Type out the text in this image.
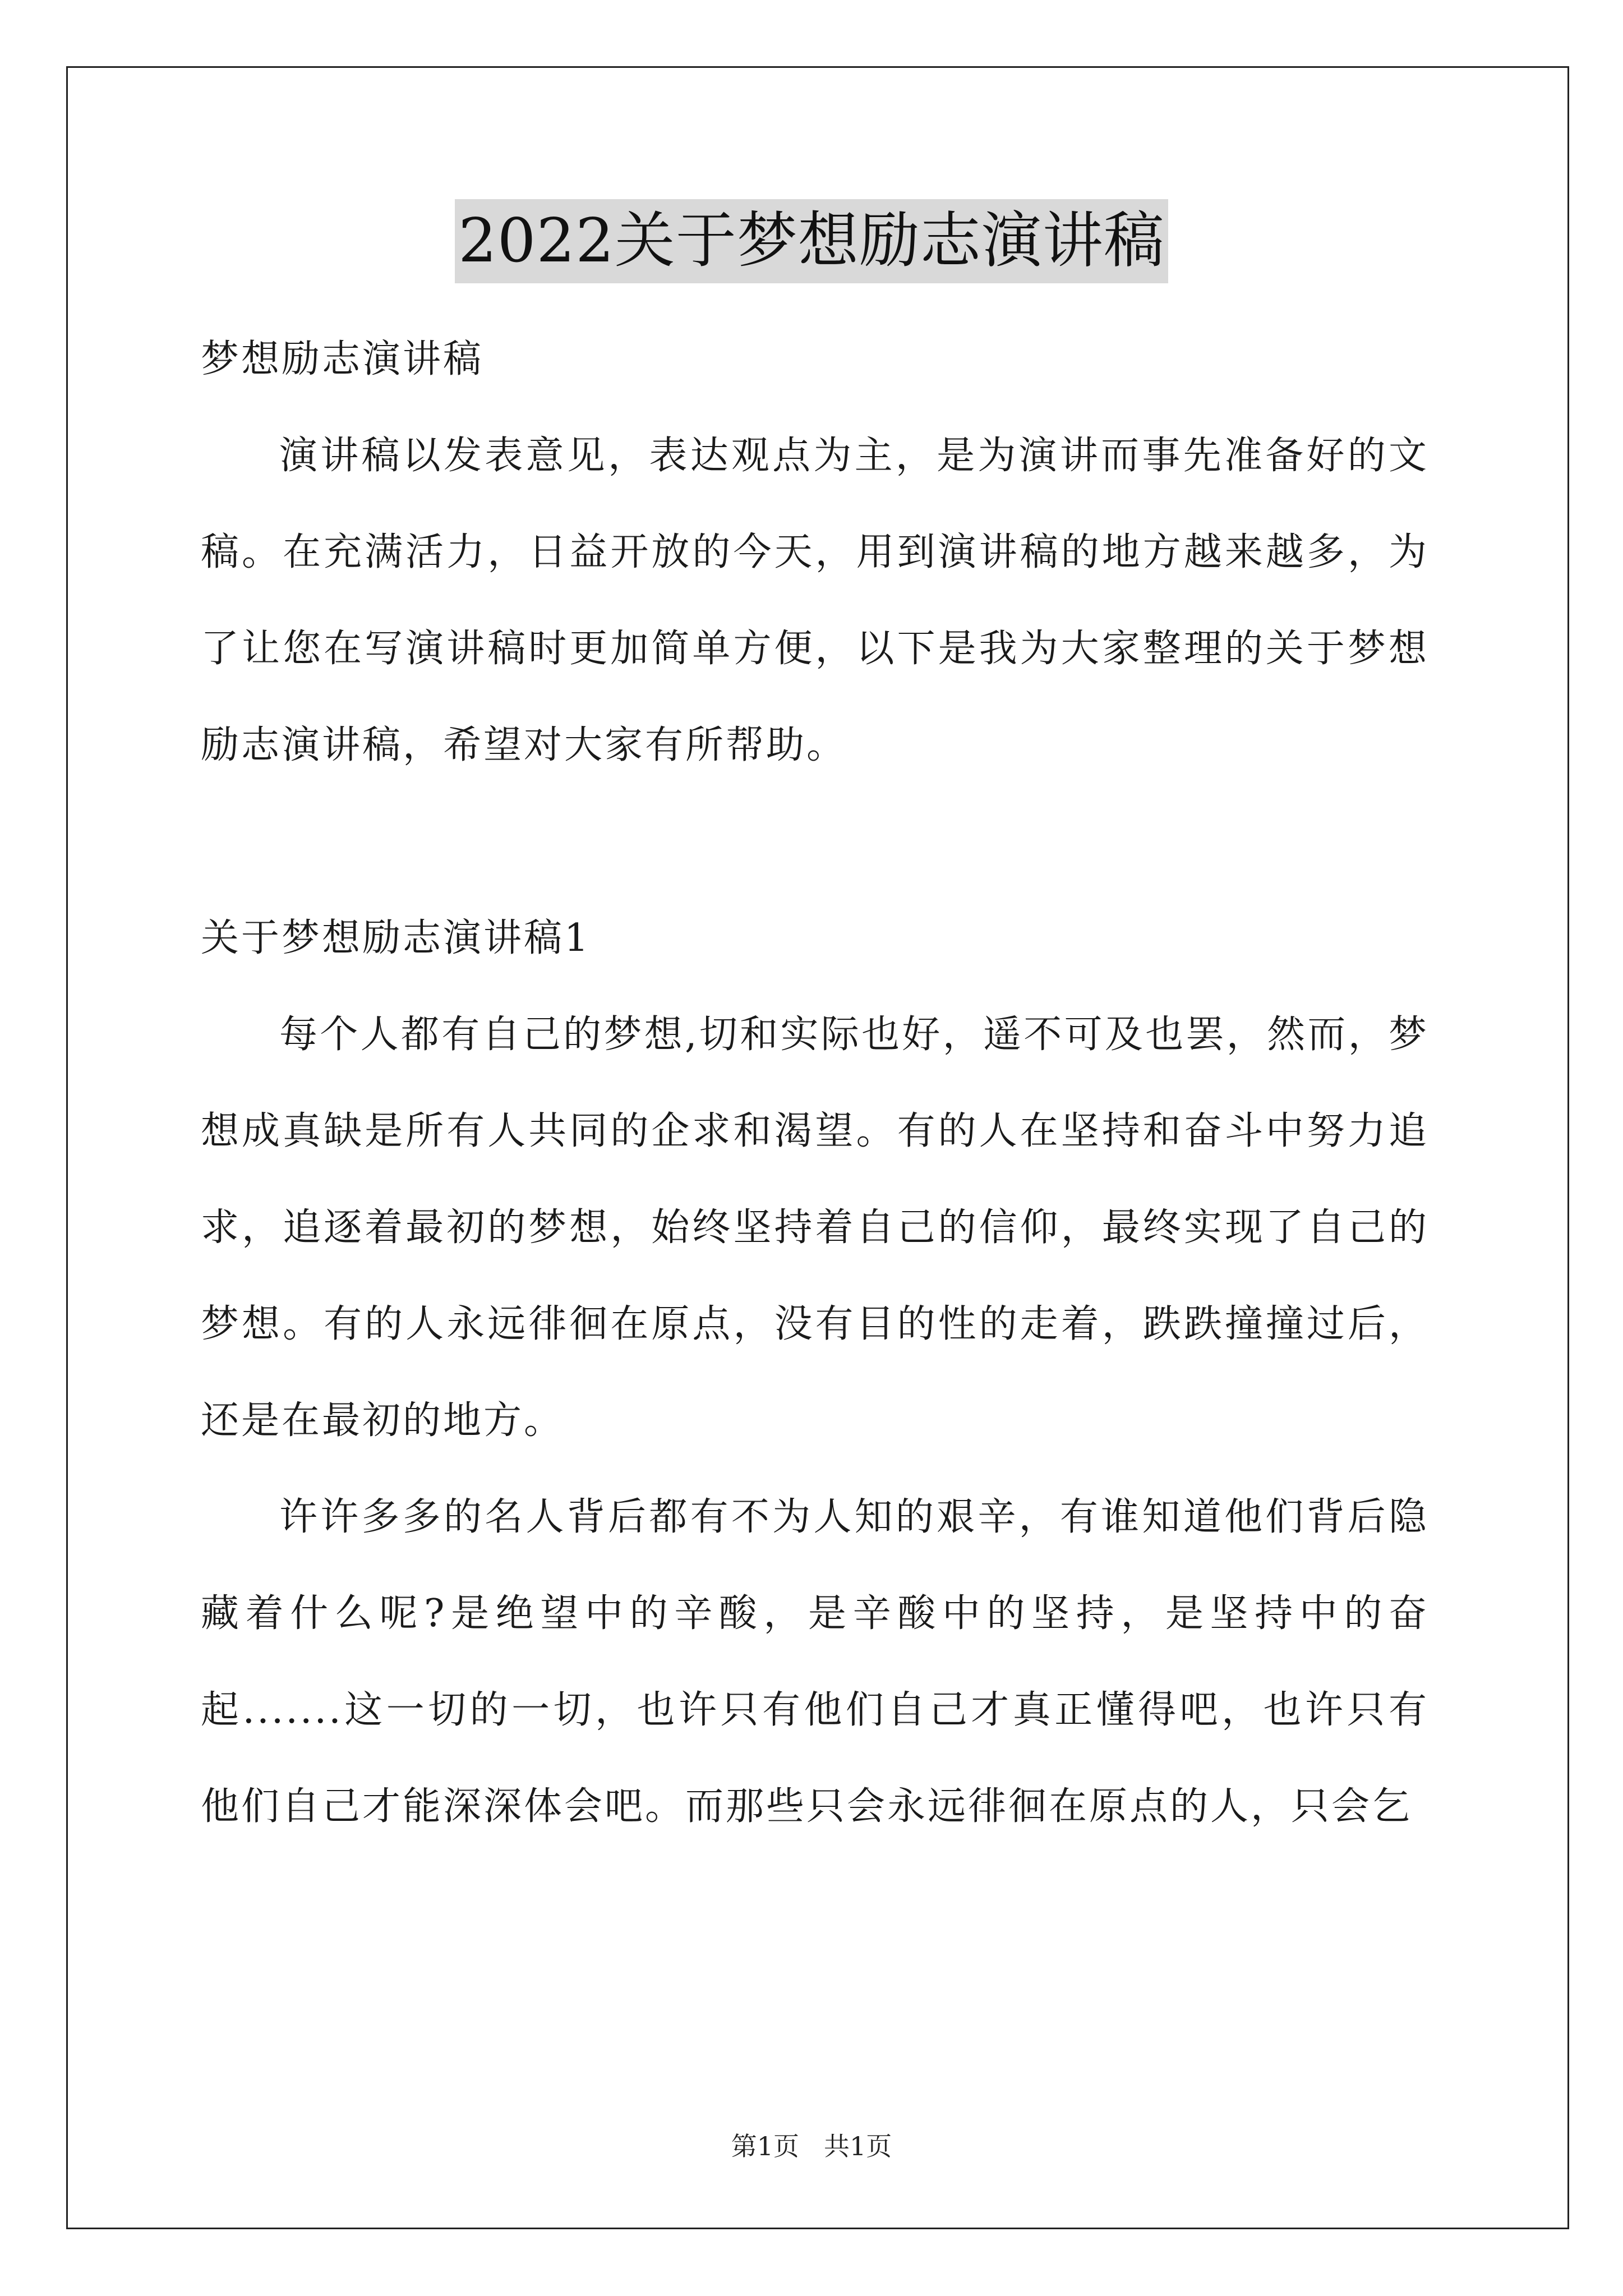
2022关于梦想励志演讲稿

梦想励志演讲稿

演讲稿以发表意见，表达观点为主，是为演讲而事先准备好的文稿。在充满活力，日益开放的今天，用到演讲稿的地方越来越多，为了让您在写演讲稿时更加简单方便，以下是我为大家整理的关于梦想励志演讲稿，希望对大家有所帮助。

关于梦想励志演讲稿1

每个人都有自己的梦想,切和实际也好，遥不可及也罢，然而，梦想成真缺是所有人共同的企求和渴望。有的人在坚持和奋斗中努力追求，追逐着最初的梦想，始终坚持着自己的信仰，最终实现了自己的梦想。有的人永远徘徊在原点，没有目的性的走着，跌跌撞撞过后，还是在最初的地方。

许许多多的名人背后都有不为人知的艰辛，有谁知道他们背后隐藏着什么呢?是绝望中的辛酸，是辛酸中的坚持，是坚持中的奋起.......这一切的一切，也许只有他们自己才真正懂得吧，也许只有他们自己才能深深体会吧。而那些只会永远徘徊在原点的人，只会乞

第1页 共1页
